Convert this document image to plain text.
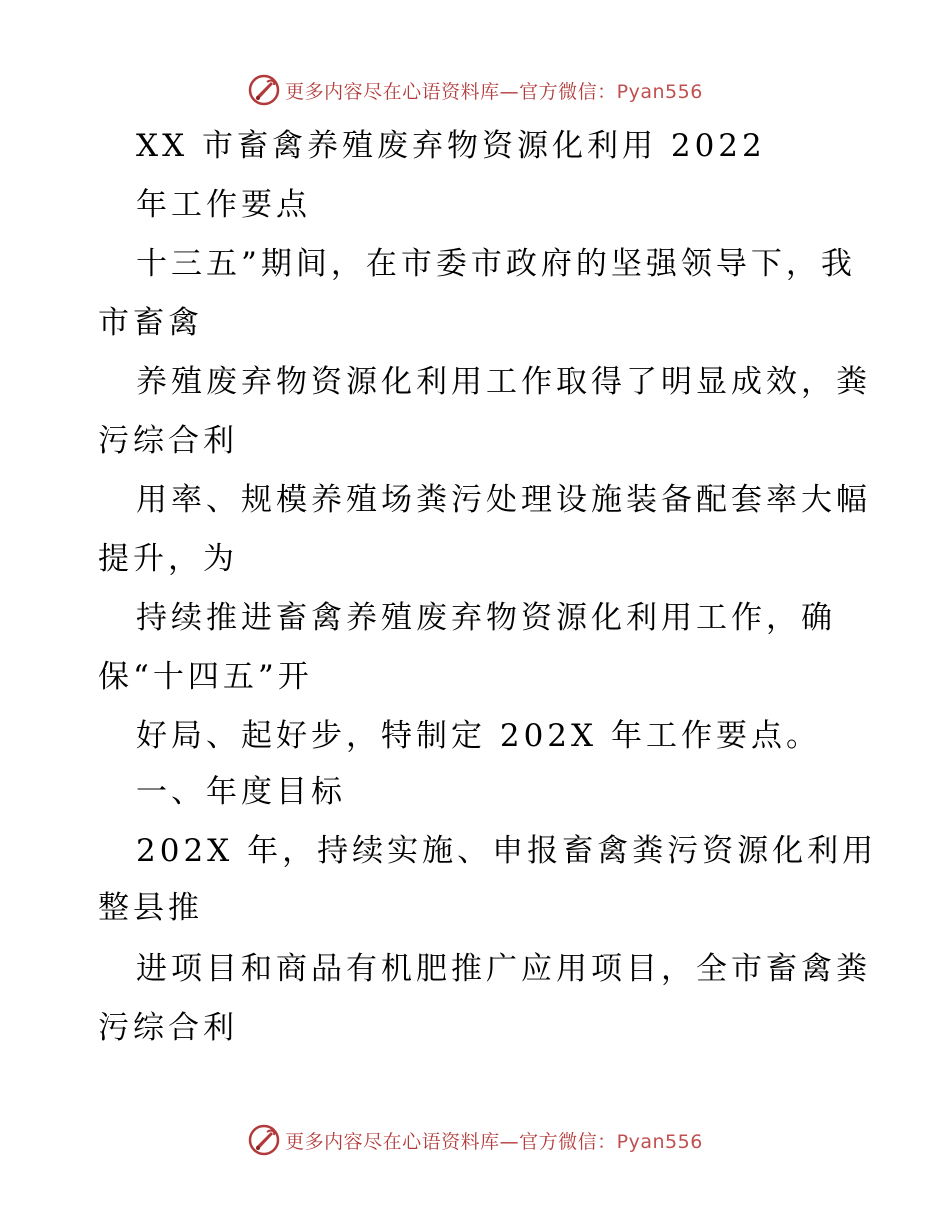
更多内容尽在心语资料库—官方微信：Pyan556
XX 市畜禽养殖废弃物资源化利用 2022
年工作要点
十三五”期间，在市委市政府的坚强领导下，我
市畜禽
养殖废弃物资源化利用工作取得了明显成效，粪
污综合利
用率、规模养殖场粪污处理设施装备配套率大幅
提升，为
持续推进畜禽养殖废弃物资源化利用工作，确
保“十四五”开
好局、起好步，特制定 202X 年工作要点。
一、年度目标
202X 年，持续实施、申报畜禽粪污资源化利用
整县推
进项目和商品有机肥推广应用项目，全市畜禽粪
污综合利
更多内容尽在心语资料库—官方微信：Pyan556
